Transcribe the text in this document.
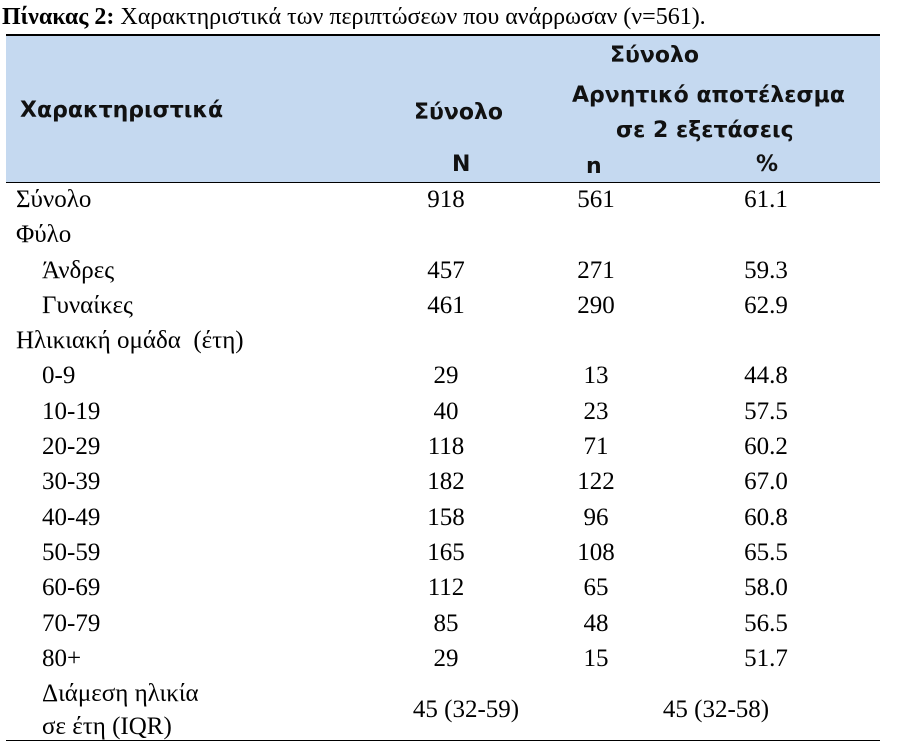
Πίνακας 2: Χαρακτηριστικά των περιπτώσεων που ανάρρωσαν (ν=561).
Χαρακτηριστικά	Σύνολο
Σύνολο
Αρνητικό αποτέλεσμα
σε 2 εξετάσεις
N	n	%
Σύνολο	918	561	61.1
Φύλο
Άνδρες	457	271	59.3
Γυναίκες	461	290	62.9
Ηλικιακή ομάδα  (έτη)
0-9	29	13	44.8
10-19	40	23	57.5
20-29	118	71	60.2
30-39	182	122	67.0
40-49	158	96	60.8
50-59	165	108	65.5
60-69	112	65	58.0
70-79	85	48	56.5
80+	29	15	51.7
Διάμεση ηλικία
σε έτη (IQR)
45 (32-59)	45 (32-58)
